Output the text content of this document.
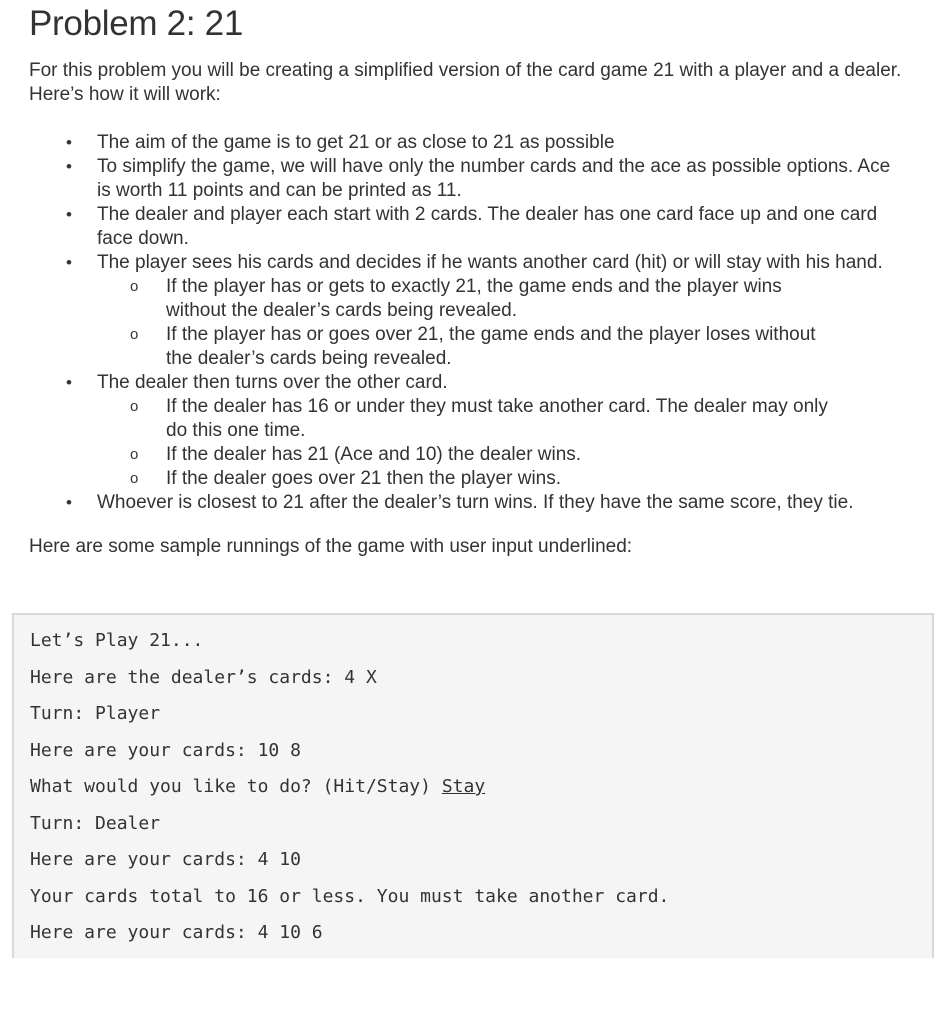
Problem 2: 21

For this problem you will be creating a simplified version of the card game 21 with a player and a dealer. Here’s how it will work:

• The aim of the game is to get 21 or as close to 21 as possible
• To simplify the game, we will have only the number cards and the ace as possible options. Ace is worth 11 points and can be printed as 11.
• The dealer and player each start with 2 cards. The dealer has one card face up and one card face down.
• The player sees his cards and decides if he wants another card (hit) or will stay with his hand.
o If the player has or gets to exactly 21, the game ends and the player wins without the dealer’s cards being revealed.
o If the player has or goes over 21, the game ends and the player loses without the dealer’s cards being revealed.
• The dealer then turns over the other card.
o If the dealer has 16 or under they must take another card. The dealer may only do this one time.
o If the dealer has 21 (Ace and 10) the dealer wins.
o If the dealer goes over 21 then the player wins.
• Whoever is closest to 21 after the dealer’s turn wins. If they have the same score, they tie.

Here are some sample runnings of the game with user input underlined:

Let’s Play 21...
Here are the dealer’s cards: 4 X
Turn: Player
Here are your cards: 10 8
What would you like to do? (Hit/Stay) Stay
Turn: Dealer
Here are your cards: 4 10
Your cards total to 16 or less. You must take another card.
Here are your cards: 4 10 6
